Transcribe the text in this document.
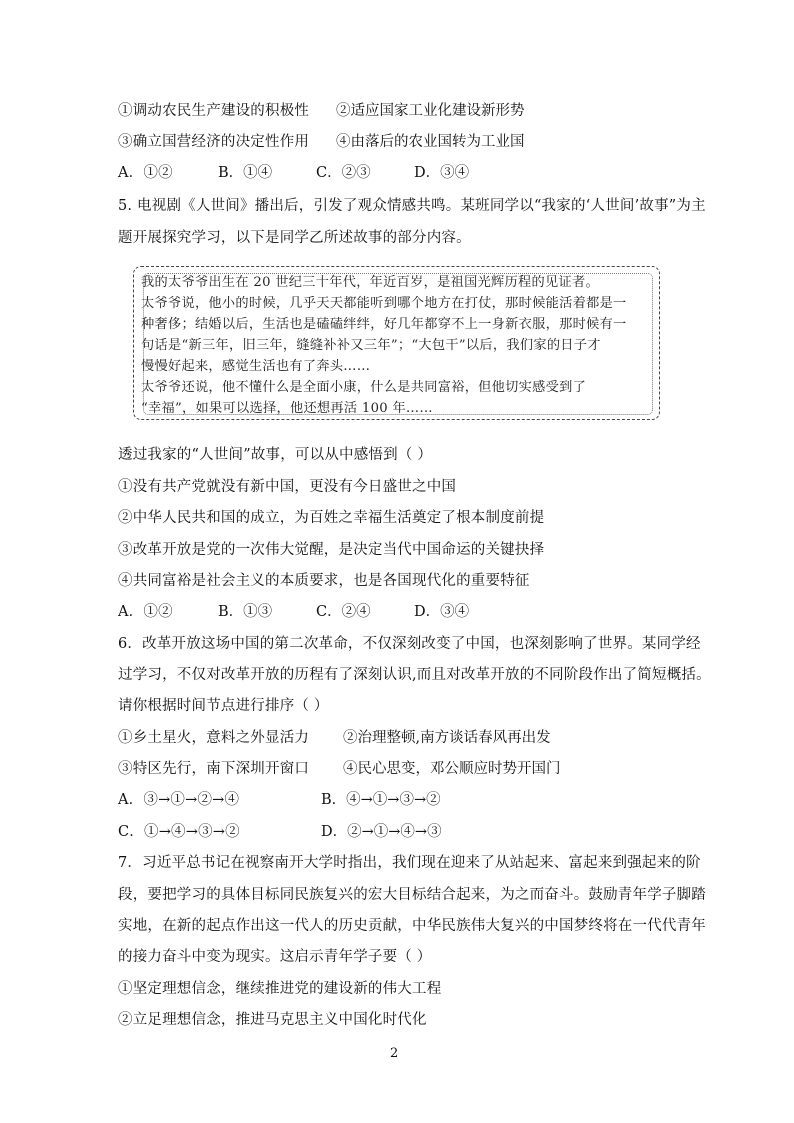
①调动农民生产建设的积极性 ②适应国家工业化建设新形势
③确立国营经济的决定性作用 ④由落后的农业国转为工业国
A．①②	B．①④	C．②③	D．③④
5. 电视剧《人世间》播出后，引发了观众情感共鸣。某班同学以“我家的‘人世间’故事”为主
题开展探究学习，以下是同学乙所述故事的部分内容。
我的太爷爷出生在 20 世纪三十年代，年近百岁，是祖国光辉历程的见证者。
太爷爷说，他小的时候，几乎天天都能听到哪个地方在打仗，那时候能活着都是一
种奢侈；结婚以后，生活也是磕磕绊绊，好几年都穿不上一身新衣服，那时候有一
句话是“新三年，旧三年，缝缝补补又三年”；“大包干”以后，我们家的日子才
慢慢好起来，感觉生活也有了奔头……
太爷爷还说，他不懂什么是全面小康，什么是共同富裕，但他切实感受到了
“幸福”，如果可以选择，他还想再活 100 年……
透过我家的“人世间”故事，可以从中感悟到（ ）
①没有共产党就没有新中国，更没有今日盛世之中国
②中华人民共和国的成立，为百姓之幸福生活奠定了根本制度前提
③改革开放是党的一次伟大觉醒，是决定当代中国命运的关键抉择
④共同富裕是社会主义的本质要求，也是各国现代化的重要特征
A．①②	B．①③	C．②④	D．③④
6．改革开放这场中国的第二次革命，不仅深刻改变了中国，也深刻影响了世界。某同学经
过学习，不仅对改革开放的历程有了深刻认识,而且对改革开放的不同阶段作出了简短概括。
请你根据时间节点进行排序（ ）
①乡土星火，意料之外显活力 ②治理整顿,南方谈话春风再出发
③特区先行，南下深圳开窗口 ④民心思变，邓公顺应时势开国门
A．③→①→②→④	B．④→①→③→②
C．①→④→③→②	D．②→①→④→③
7．习近平总书记在视察南开大学时指出，我们现在迎来了从站起来、富起来到强起来的阶
段，要把学习的具体目标同民族复兴的宏大目标结合起来，为之而奋斗。鼓励青年学子脚踏
实地，在新的起点作出这一代人的历史贡献，中华民族伟大复兴的中国梦终将在一代代青年
的接力奋斗中变为现实。这启示青年学子要（ ）
①坚定理想信念，继续推进党的建设新的伟大工程
②立足理想信念，推进马克思主义中国化时代化
2
